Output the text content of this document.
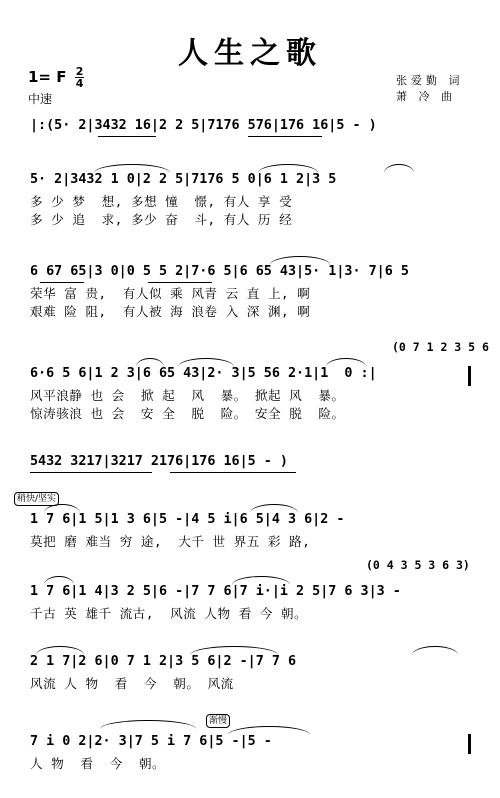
人生之歌
1= F $\frac{2}{4}$
中速
张爱勤 词
萧 冷 曲
|:(5· 2|3432 16|2 2 5|7176 576|176 16|5 - )
5· 2|3432 1 0|2 2 5|7176 5 0|6 1 2|3 5
多 少 梦  想, 多想 憧  憬, 有人 享 受
多 少 追  求, 多少 奋  斗, 有人 历 经
6 67 65|3 0|0 5 5 2|7·6 5|6 65 43|5· 1|3· 7|6 5
荣华 富 贵,  有人似 乘 风青 云 直 上, 啊
艰难 险 阻,  有人被 海 浪卷 入 深 渊, 啊
(0 7 1 2 3 5 6
6·6 5 6|1 2 3|6 65 43|2· 3|5 56 2·1|1  0 :|
风平浪静 也 会  掀 起  风  暴。 掀起 风  暴。
惊涛骇浪 也 会  安 全  脱  险。 安全 脱  险。
5432 3217|3217 2176|176 16|5 - )
稍快/坚实
1 7 6|1 5|1 3 6|5 -|4 5 i|6 5|4 3 6|2 -
莫把 磨 难当 穷 途,  大千 世 界五 彩 路,
(0 4 3 5 3 6 3)
1 7 6|1 4|3 2 5|6 -|7 7 6|7 i·|i 2 5|7 6 3|3 -
千古 英 雄千 流古,  风流 人物 看 今 朝。
2 1 7|2 6|0 7 1 2|3 5 6|2 -|7 7 6
风流 人 物  看  今  朝。 风流
渐慢
7 i 0 2|2· 3|7 5 i 7 6|5 -|5 -
人 物  看  今  朝。
